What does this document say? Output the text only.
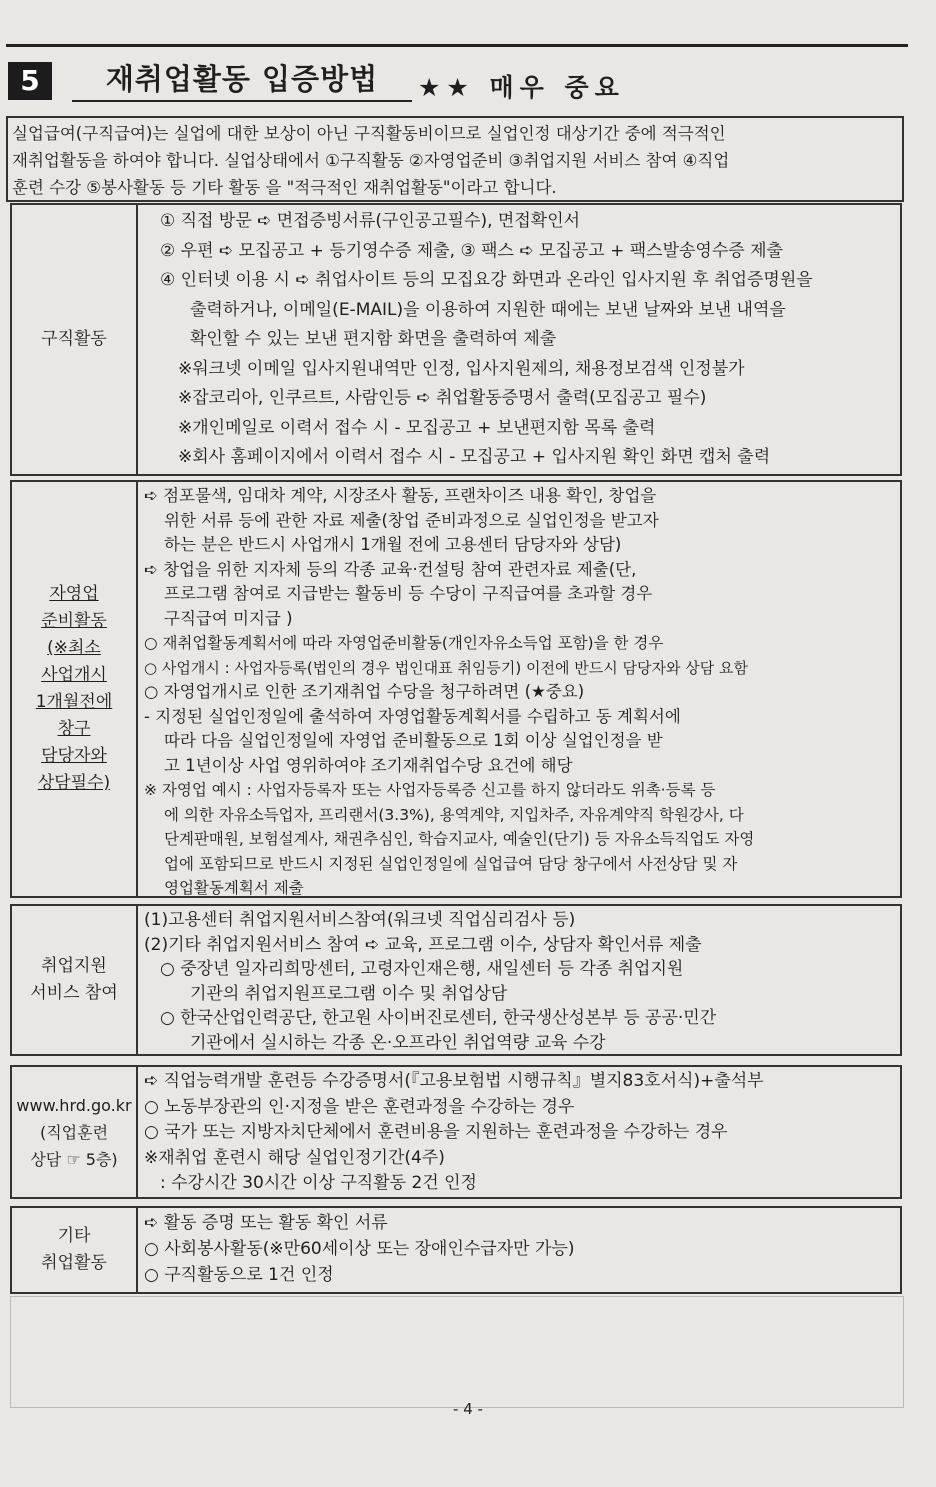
5	재취업활동 입증방법	★★ 매우 중요
실업급여(구직급여)는 실업에 대한 보상이 아닌 구직활동비이므로 실업인정 대상기간 중에 적극적인
재취업활동을 하여야 합니다. 실업상태에서 ①구직활동 ②자영업준비 ③취업지원 서비스 참여 ④직업
훈련 수강 ⑤봉사활동 등 기타 활동 을 "적극적인 재취업활동"이라고 합니다.
구직활동
① 직접 방문 ➪ 면접증빙서류(구인공고필수), 면접확인서
② 우편 ➪ 모집공고 + 등기영수증 제출, ③ 팩스 ➪ 모집공고 + 팩스발송영수증 제출
④ 인터넷 이용 시 ➪ 취업사이트 등의 모집요강 화면과 온라인 입사지원 후 취업증명원을
출력하거나, 이메일(E-MAIL)을 이용하여 지원한 때에는 보낸 날짜와 보낸 내역을
확인할 수 있는 보낸 편지함 화면을 출력하여 제출
※워크넷 이메일 입사지원내역만 인정, 입사지원제의, 채용정보검색 인정불가
※잡코리아, 인쿠르트, 사람인등 ➪ 취업활동증명서 출력(모집공고 필수)
※개인메일로 이력서 접수 시 - 모집공고 + 보낸편지함 목록 출력
※회사 홈페이지에서 이력서 접수 시 - 모집공고 + 입사지원 확인 화면 캡처 출력
자영업
준비활동
(※최소
사업개시
1개월전에
창구
담당자와
상담필수)
➪ 점포물색, 임대차 계약, 시장조사 활동, 프랜차이즈 내용 확인, 창업을
위한 서류 등에 관한 자료 제출(창업 준비과정으로 실업인정을 받고자
하는 분은 반드시 사업개시 1개월 전에 고용센터 담당자와 상담)
➪ 창업을 위한 지자체 등의 각종 교육·컨설팅 참여 관련자료 제출(단,
프로그램 참여로 지급받는 활동비 등 수당이 구직급여를 초과할 경우
구직급여 미지급 )
○ 재취업활동계획서에 따라 자영업준비활동(개인자유소득업 포함)을 한 경우
○ 사업개시 : 사업자등록(법인의 경우 법인대표 취임등기) 이전에 반드시 담당자와 상담 요함
○ 자영업개시로 인한 조기재취업 수당을 청구하려면 (★중요)
- 지정된 실업인정일에 출석하여 자영업활동계획서를 수립하고 동 계획서에
따라 다음 실업인정일에 자영업 준비활동으로 1회 이상 실업인정을 받
고 1년이상 사업 영위하여야 조기재취업수당 요건에 해당
※ 자영업 예시 : 사업자등록자 또는 사업자등록증 신고를 하지 않더라도 위촉·등록 등
에 의한 자유소득업자, 프리랜서(3.3%), 용역계약, 지입차주, 자유계약직 학원강사, 다
단계판매원, 보험설계사, 채권추심인, 학습지교사, 예술인(단기) 등 자유소득직업도 자영
업에 포함되므로 반드시 지정된 실업인정일에 실업급여 담당 창구에서 사전상담 및 자
영업활동계획서 제출
취업지원
서비스 참여
(1)고용센터 취업지원서비스참여(워크넷 직업심리검사 등)
(2)기타 취업지원서비스 참여 ➪ 교육, 프로그램 이수, 상담자 확인서류 제출
○ 중장년 일자리희망센터, 고령자인재은행, 새일센터 등 각종 취업지원
기관의 취업지원프로그램 이수 및 취업상담
○ 한국산업인력공단, 한고원 사이버진로센터, 한국생산성본부 등 공공·민간
기관에서 실시하는 각종 온·오프라인 취업역량 교육 수강
www.hrd.go.kr
(직업훈련
상담 ☞ 5층)
➪ 직업능력개발 훈련등 수강증명서(『고용보험법 시행규칙』별지83호서식)+출석부
○ 노동부장관의 인·지정을 받은 훈련과정을 수강하는 경우
○ 국가 또는 지방자치단체에서 훈련비용을 지원하는 훈련과정을 수강하는 경우
※재취업 훈련시 해당 실업인정기간(4주)
: 수강시간 30시간 이상 구직활동 2건 인정
기타
취업활동
➪ 활동 증명 또는 활동 확인 서류
○ 사회봉사활동(※만60세이상 또는 장애인수급자만 가능)
○ 구직활동으로 1건 인정
- 4 -
